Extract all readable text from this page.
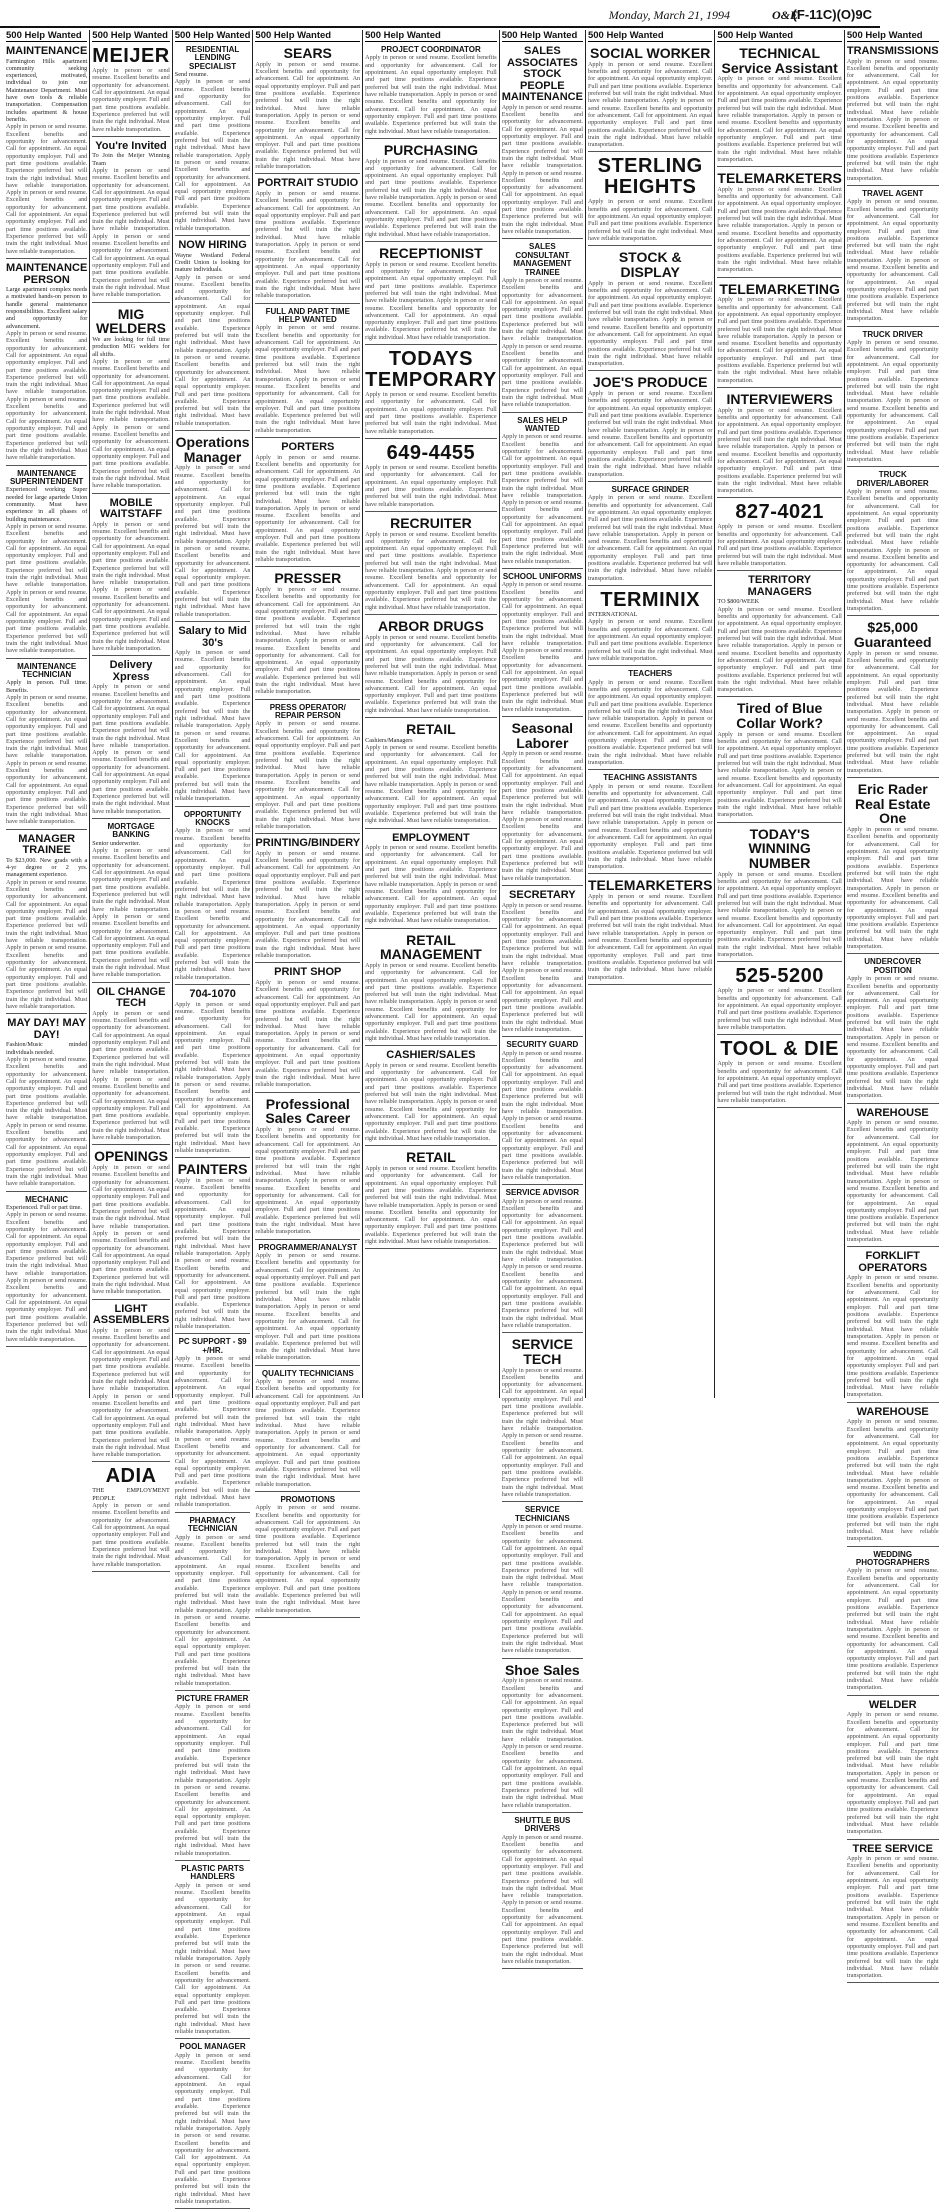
Monday, March 21, 1994	O&E
(F-11C)(O)9C
500 Help Wanted
MAINTENANCE
Farmington Hills apartment community seeking experienced, motivated, individual to join our Maintenance Department. Must have own tools & reliable transportation. Compensation includes apartment & house benefits.
Apply in person or send resume. Excellent benefits and opportunity for advancement. Call for appointment. An equal opportunity employer. Full and part time positions available. Experience preferred but will train the right individual. Must have reliable transportation. Apply in person or send resume. Excellent benefits and opportunity for advancement. Call for appointment. An equal opportunity employer. Full and part time positions available. Experience preferred but will train the right individual. Must have reliable transportation.
MAINTENANCE PERSON
Large apartment complex needs a motivated hands-on person to handle general maintenance responsibilities. Excellent salary and opportunity for advancement.
Apply in person or send resume. Excellent benefits and opportunity for advancement. Call for appointment. An equal opportunity employer. Full and part time positions available. Experience preferred but will train the right individual. Must have reliable transportation. Apply in person or send resume. Excellent benefits and opportunity for advancement. Call for appointment. An equal opportunity employer. Full and part time positions available. Experience preferred but will train the right individual. Must have reliable transportation.
MAINTENANCE SUPERINTENDENT
Experienced working Super needed for large apartede Union community. Must have experience in all phases of building maintenance.
Apply in person or send resume. Excellent benefits and opportunity for advancement. Call for appointment. An equal opportunity employer. Full and part time positions available. Experience preferred but will train the right individual. Must have reliable transportation. Apply in person or send resume. Excellent benefits and opportunity for advancement. Call for appointment. An equal opportunity employer. Full and part time positions available. Experience preferred but will train the right individual. Must have reliable transportation.
MAINTENANCE TECHNICIAN
Apply in person. Full time. Benefits.
Apply in person or send resume. Excellent benefits and opportunity for advancement. Call for appointment. An equal opportunity employer. Full and part time positions available. Experience preferred but will train the right individual. Must have reliable transportation. Apply in person or send resume. Excellent benefits and opportunity for advancement. Call for appointment. An equal opportunity employer. Full and part time positions available. Experience preferred but will train the right individual. Must have reliable transportation.
MANAGER TRAINEE
To $23,000. New grads with a 4-yr degree or 2 yrs. management experience.
Apply in person or send resume. Excellent benefits and opportunity for advancement. Call for appointment. An equal opportunity employer. Full and part time positions available. Experience preferred but will train the right individual. Must have reliable transportation. Apply in person or send resume. Excellent benefits and opportunity for advancement. Call for appointment. An equal opportunity employer. Full and part time positions available. Experience preferred but will train the right individual. Must have reliable transportation.
MAY DAY! MAY DAY!
Fashion/Music minded individuals needed.
Apply in person or send resume. Excellent benefits and opportunity for advancement. Call for appointment. An equal opportunity employer. Full and part time positions available. Experience preferred but will train the right individual. Must have reliable transportation. Apply in person or send resume. Excellent benefits and opportunity for advancement. Call for appointment. An equal opportunity employer. Full and part time positions available. Experience preferred but will train the right individual. Must have reliable transportation.
MECHANIC
Experienced. Full or part time.
Apply in person or send resume. Excellent benefits and opportunity for advancement. Call for appointment. An equal opportunity employer. Full and part time positions available. Experience preferred but will train the right individual. Must have reliable transportation. Apply in person or send resume. Excellent benefits and opportunity for advancement. Call for appointment. An equal opportunity employer. Full and part time positions available. Experience preferred but will train the right individual. Must have reliable transportation.
500 Help Wanted
MEIJER
Apply in person or send resume. Excellent benefits and opportunity for advancement. Call for appointment. An equal opportunity employer. Full and part time positions available. Experience preferred but will train the right individual. Must have reliable transportation.
You're Invited
To Join the Meijer Winning Team
Apply in person or send resume. Excellent benefits and opportunity for advancement. Call for appointment. An equal opportunity employer. Full and part time positions available. Experience preferred but will train the right individual. Must have reliable transportation. Apply in person or send resume. Excellent benefits and opportunity for advancement. Call for appointment. An equal opportunity employer. Full and part time positions available. Experience preferred but will train the right individual. Must have reliable transportation.
MIG WELDERS
We are looking for full time production MIG welders for all shifts.
Apply in person or send resume. Excellent benefits and opportunity for advancement. Call for appointment. An equal opportunity employer. Full and part time positions available. Experience preferred but will train the right individual. Must have reliable transportation. Apply in person or send resume. Excellent benefits and opportunity for advancement. Call for appointment. An equal opportunity employer. Full and part time positions available. Experience preferred but will train the right individual. Must have reliable transportation.
MOBILE WAITSTAFF
Apply in person or send resume. Excellent benefits and opportunity for advancement. Call for appointment. An equal opportunity employer. Full and part time positions available. Experience preferred but will train the right individual. Must have reliable transportation. Apply in person or send resume. Excellent benefits and opportunity for advancement. Call for appointment. An equal opportunity employer. Full and part time positions available. Experience preferred but will train the right individual. Must have reliable transportation.
Delivery Xpress
Apply in person or send resume. Excellent benefits and opportunity for advancement. Call for appointment. An equal opportunity employer. Full and part time positions available. Experience preferred but will train the right individual. Must have reliable transportation. Apply in person or send resume. Excellent benefits and opportunity for advancement. Call for appointment. An equal opportunity employer. Full and part time positions available. Experience preferred but will train the right individual. Must have reliable transportation.
MORTGAGE BANKING
Senior underwriter.
Apply in person or send resume. Excellent benefits and opportunity for advancement. Call for appointment. An equal opportunity employer. Full and part time positions available. Experience preferred but will train the right individual. Must have reliable transportation. Apply in person or send resume. Excellent benefits and opportunity for advancement. Call for appointment. An equal opportunity employer. Full and part time positions available. Experience preferred but will train the right individual. Must have reliable transportation.
OIL CHANGE TECH
Apply in person or send resume. Excellent benefits and opportunity for advancement. Call for appointment. An equal opportunity employer. Full and part time positions available. Experience preferred but will train the right individual. Must have reliable transportation. Apply in person or send resume. Excellent benefits and opportunity for advancement. Call for appointment. An equal opportunity employer. Full and part time positions available. Experience preferred but will train the right individual. Must have reliable transportation.
OPENINGS
Apply in person or send resume. Excellent benefits and opportunity for advancement. Call for appointment. An equal opportunity employer. Full and part time positions available. Experience preferred but will train the right individual. Must have reliable transportation. Apply in person or send resume. Excellent benefits and opportunity for advancement. Call for appointment. An equal opportunity employer. Full and part time positions available. Experience preferred but will train the right individual. Must have reliable transportation.
LIGHT ASSEMBLERS
Apply in person or send resume. Excellent benefits and opportunity for advancement. Call for appointment. An equal opportunity employer. Full and part time positions available. Experience preferred but will train the right individual. Must have reliable transportation. Apply in person or send resume. Excellent benefits and opportunity for advancement. Call for appointment. An equal opportunity employer. Full and part time positions available. Experience preferred but will train the right individual. Must have reliable transportation.
ADIA
THE EMPLOYMENT PEOPLE
Apply in person or send resume. Excellent benefits and opportunity for advancement. Call for appointment. An equal opportunity employer. Full and part time positions available. Experience preferred but will train the right individual. Must have reliable transportation.
500 Help Wanted
RESIDENTIAL LENDING SPECIALIST
Send resume.
Apply in person or send resume. Excellent benefits and opportunity for advancement. Call for appointment. An equal opportunity employer. Full and part time positions available. Experience preferred but will train the right individual. Must have reliable transportation. Apply in person or send resume. Excellent benefits and opportunity for advancement. Call for appointment. An equal opportunity employer. Full and part time positions available. Experience preferred but will train the right individual. Must have reliable transportation.
NOW HIRING
Wayne Westland Federal Credit Union is looking for mature individuals.
Apply in person or send resume. Excellent benefits and opportunity for advancement. Call for appointment. An equal opportunity employer. Full and part time positions available. Experience preferred but will train the right individual. Must have reliable transportation. Apply in person or send resume. Excellent benefits and opportunity for advancement. Call for appointment. An equal opportunity employer. Full and part time positions available. Experience preferred but will train the right individual. Must have reliable transportation.
Operations Manager
Apply in person or send resume. Excellent benefits and opportunity for advancement. Call for appointment. An equal opportunity employer. Full and part time positions available. Experience preferred but will train the right individual. Must have reliable transportation. Apply in person or send resume. Excellent benefits and opportunity for advancement. Call for appointment. An equal opportunity employer. Full and part time positions available. Experience preferred but will train the right individual. Must have reliable transportation.
Salary to Mid 30's
Apply in person or send resume. Excellent benefits and opportunity for advancement. Call for appointment. An equal opportunity employer. Full and part time positions available. Experience preferred but will train the right individual. Must have reliable transportation. Apply in person or send resume. Excellent benefits and opportunity for advancement. Call for appointment. An equal opportunity employer. Full and part time positions available. Experience preferred but will train the right individual. Must have reliable transportation.
OPPORTUNITY KNOCKS
Apply in person or send resume. Excellent benefits and opportunity for advancement. Call for appointment. An equal opportunity employer. Full and part time positions available. Experience preferred but will train the right individual. Must have reliable transportation. Apply in person or send resume. Excellent benefits and opportunity for advancement. Call for appointment. An equal opportunity employer. Full and part time positions available. Experience preferred but will train the right individual. Must have reliable transportation.
704-1070
Apply in person or send resume. Excellent benefits and opportunity for advancement. Call for appointment. An equal opportunity employer. Full and part time positions available. Experience preferred but will train the right individual. Must have reliable transportation. Apply in person or send resume. Excellent benefits and opportunity for advancement. Call for appointment. An equal opportunity employer. Full and part time positions available. Experience preferred but will train the right individual. Must have reliable transportation.
PAINTERS
Apply in person or send resume. Excellent benefits and opportunity for advancement. Call for appointment. An equal opportunity employer. Full and part time positions available. Experience preferred but will train the right individual. Must have reliable transportation. Apply in person or send resume. Excellent benefits and opportunity for advancement. Call for appointment. An equal opportunity employer. Full and part time positions available. Experience preferred but will train the right individual. Must have reliable transportation.
PC SUPPORT - $9 +/HR.
Apply in person or send resume. Excellent benefits and opportunity for advancement. Call for appointment. An equal opportunity employer. Full and part time positions available. Experience preferred but will train the right individual. Must have reliable transportation. Apply in person or send resume. Excellent benefits and opportunity for advancement. Call for appointment. An equal opportunity employer. Full and part time positions available. Experience preferred but will train the right individual. Must have reliable transportation.
PHARMACY TECHNICIAN
Apply in person or send resume. Excellent benefits and opportunity for advancement. Call for appointment. An equal opportunity employer. Full and part time positions available. Experience preferred but will train the right individual. Must have reliable transportation. Apply in person or send resume. Excellent benefits and opportunity for advancement. Call for appointment. An equal opportunity employer. Full and part time positions available. Experience preferred but will train the right individual. Must have reliable transportation.
PICTURE FRAMER
Apply in person or send resume. Excellent benefits and opportunity for advancement. Call for appointment. An equal opportunity employer. Full and part time positions available. Experience preferred but will train the right individual. Must have reliable transportation. Apply in person or send resume. Excellent benefits and opportunity for advancement. Call for appointment. An equal opportunity employer. Full and part time positions available. Experience preferred but will train the right individual. Must have reliable transportation.
PLASTIC PARTS HANDLERS
Apply in person or send resume. Excellent benefits and opportunity for advancement. Call for appointment. An equal opportunity employer. Full and part time positions available. Experience preferred but will train the right individual. Must have reliable transportation. Apply in person or send resume. Excellent benefits and opportunity for advancement. Call for appointment. An equal opportunity employer. Full and part time positions available. Experience preferred but will train the right individual. Must have reliable transportation.
POOL MANAGER
Apply in person or send resume. Excellent benefits and opportunity for advancement. Call for appointment. An equal opportunity employer. Full and part time positions available. Experience preferred but will train the right individual. Must have reliable transportation. Apply in person or send resume. Excellent benefits and opportunity for advancement. Call for appointment. An equal opportunity employer. Full and part time positions available. Experience preferred but will train the right individual. Must have reliable transportation.
500 Help Wanted
SEARS
Apply in person or send resume. Excellent benefits and opportunity for advancement. Call for appointment. An equal opportunity employer. Full and part time positions available. Experience preferred but will train the right individual. Must have reliable transportation. Apply in person or send resume. Excellent benefits and opportunity for advancement. Call for appointment. An equal opportunity employer. Full and part time positions available. Experience preferred but will train the right individual. Must have reliable transportation.
PORTRAIT STUDIO
Apply in person or send resume. Excellent benefits and opportunity for advancement. Call for appointment. An equal opportunity employer. Full and part time positions available. Experience preferred but will train the right individual. Must have reliable transportation. Apply in person or send resume. Excellent benefits and opportunity for advancement. Call for appointment. An equal opportunity employer. Full and part time positions available. Experience preferred but will train the right individual. Must have reliable transportation.
FULL AND PART TIME HELP WANTED
Apply in person or send resume. Excellent benefits and opportunity for advancement. Call for appointment. An equal opportunity employer. Full and part time positions available. Experience preferred but will train the right individual. Must have reliable transportation. Apply in person or send resume. Excellent benefits and opportunity for advancement. Call for appointment. An equal opportunity employer. Full and part time positions available. Experience preferred but will train the right individual. Must have reliable transportation.
PORTERS
Apply in person or send resume. Excellent benefits and opportunity for advancement. Call for appointment. An equal opportunity employer. Full and part time positions available. Experience preferred but will train the right individual. Must have reliable transportation. Apply in person or send resume. Excellent benefits and opportunity for advancement. Call for appointment. An equal opportunity employer. Full and part time positions available. Experience preferred but will train the right individual. Must have reliable transportation.
PRESSER
Apply in person or send resume. Excellent benefits and opportunity for advancement. Call for appointment. An equal opportunity employer. Full and part time positions available. Experience preferred but will train the right individual. Must have reliable transportation. Apply in person or send resume. Excellent benefits and opportunity for advancement. Call for appointment. An equal opportunity employer. Full and part time positions available. Experience preferred but will train the right individual. Must have reliable transportation.
PRESS OPERATOR/ REPAIR PERSON
Apply in person or send resume. Excellent benefits and opportunity for advancement. Call for appointment. An equal opportunity employer. Full and part time positions available. Experience preferred but will train the right individual. Must have reliable transportation. Apply in person or send resume. Excellent benefits and opportunity for advancement. Call for appointment. An equal opportunity employer. Full and part time positions available. Experience preferred but will train the right individual. Must have reliable transportation.
PRINTING/BINDERY
Apply in person or send resume. Excellent benefits and opportunity for advancement. Call for appointment. An equal opportunity employer. Full and part time positions available. Experience preferred but will train the right individual. Must have reliable transportation. Apply in person or send resume. Excellent benefits and opportunity for advancement. Call for appointment. An equal opportunity employer. Full and part time positions available. Experience preferred but will train the right individual. Must have reliable transportation.
PRINT SHOP
Apply in person or send resume. Excellent benefits and opportunity for advancement. Call for appointment. An equal opportunity employer. Full and part time positions available. Experience preferred but will train the right individual. Must have reliable transportation. Apply in person or send resume. Excellent benefits and opportunity for advancement. Call for appointment. An equal opportunity employer. Full and part time positions available. Experience preferred but will train the right individual. Must have reliable transportation.
Professional Sales Career
Apply in person or send resume. Excellent benefits and opportunity for advancement. Call for appointment. An equal opportunity employer. Full and part time positions available. Experience preferred but will train the right individual. Must have reliable transportation. Apply in person or send resume. Excellent benefits and opportunity for advancement. Call for appointment. An equal opportunity employer. Full and part time positions available. Experience preferred but will train the right individual. Must have reliable transportation.
PROGRAMMER/ANALYST
Apply in person or send resume. Excellent benefits and opportunity for advancement. Call for appointment. An equal opportunity employer. Full and part time positions available. Experience preferred but will train the right individual. Must have reliable transportation. Apply in person or send resume. Excellent benefits and opportunity for advancement. Call for appointment. An equal opportunity employer. Full and part time positions available. Experience preferred but will train the right individual. Must have reliable transportation.
QUALITY TECHNICIANS
Apply in person or send resume. Excellent benefits and opportunity for advancement. Call for appointment. An equal opportunity employer. Full and part time positions available. Experience preferred but will train the right individual. Must have reliable transportation. Apply in person or send resume. Excellent benefits and opportunity for advancement. Call for appointment. An equal opportunity employer. Full and part time positions available. Experience preferred but will train the right individual. Must have reliable transportation.
PROMOTIONS
Apply in person or send resume. Excellent benefits and opportunity for advancement. Call for appointment. An equal opportunity employer. Full and part time positions available. Experience preferred but will train the right individual. Must have reliable transportation. Apply in person or send resume. Excellent benefits and opportunity for advancement. Call for appointment. An equal opportunity employer. Full and part time positions available. Experience preferred but will train the right individual. Must have reliable transportation.
500 Help Wanted
PROJECT COORDINATOR
Apply in person or send resume. Excellent benefits and opportunity for advancement. Call for appointment. An equal opportunity employer. Full and part time positions available. Experience preferred but will train the right individual. Must have reliable transportation. Apply in person or send resume. Excellent benefits and opportunity for advancement. Call for appointment. An equal opportunity employer. Full and part time positions available. Experience preferred but will train the right individual. Must have reliable transportation.
PURCHASING
Apply in person or send resume. Excellent benefits and opportunity for advancement. Call for appointment. An equal opportunity employer. Full and part time positions available. Experience preferred but will train the right individual. Must have reliable transportation. Apply in person or send resume. Excellent benefits and opportunity for advancement. Call for appointment. An equal opportunity employer. Full and part time positions available. Experience preferred but will train the right individual. Must have reliable transportation.
RECEPTIONIST
Apply in person or send resume. Excellent benefits and opportunity for advancement. Call for appointment. An equal opportunity employer. Full and part time positions available. Experience preferred but will train the right individual. Must have reliable transportation. Apply in person or send resume. Excellent benefits and opportunity for advancement. Call for appointment. An equal opportunity employer. Full and part time positions available. Experience preferred but will train the right individual. Must have reliable transportation.
TODAYS TEMPORARY
Apply in person or send resume. Excellent benefits and opportunity for advancement. Call for appointment. An equal opportunity employer. Full and part time positions available. Experience preferred but will train the right individual. Must have reliable transportation.
649-4455
Apply in person or send resume. Excellent benefits and opportunity for advancement. Call for appointment. An equal opportunity employer. Full and part time positions available. Experience preferred but will train the right individual. Must have reliable transportation.
RECRUITER
Apply in person or send resume. Excellent benefits and opportunity for advancement. Call for appointment. An equal opportunity employer. Full and part time positions available. Experience preferred but will train the right individual. Must have reliable transportation. Apply in person or send resume. Excellent benefits and opportunity for advancement. Call for appointment. An equal opportunity employer. Full and part time positions available. Experience preferred but will train the right individual. Must have reliable transportation.
ARBOR DRUGS
Apply in person or send resume. Excellent benefits and opportunity for advancement. Call for appointment. An equal opportunity employer. Full and part time positions available. Experience preferred but will train the right individual. Must have reliable transportation. Apply in person or send resume. Excellent benefits and opportunity for advancement. Call for appointment. An equal opportunity employer. Full and part time positions available. Experience preferred but will train the right individual. Must have reliable transportation.
RETAIL
Cashiers/Managers
Apply in person or send resume. Excellent benefits and opportunity for advancement. Call for appointment. An equal opportunity employer. Full and part time positions available. Experience preferred but will train the right individual. Must have reliable transportation. Apply in person or send resume. Excellent benefits and opportunity for advancement. Call for appointment. An equal opportunity employer. Full and part time positions available. Experience preferred but will train the right individual. Must have reliable transportation.
EMPLOYMENT
Apply in person or send resume. Excellent benefits and opportunity for advancement. Call for appointment. An equal opportunity employer. Full and part time positions available. Experience preferred but will train the right individual. Must have reliable transportation. Apply in person or send resume. Excellent benefits and opportunity for advancement. Call for appointment. An equal opportunity employer. Full and part time positions available. Experience preferred but will train the right individual. Must have reliable transportation.
RETAIL MANAGEMENT
Apply in person or send resume. Excellent benefits and opportunity for advancement. Call for appointment. An equal opportunity employer. Full and part time positions available. Experience preferred but will train the right individual. Must have reliable transportation. Apply in person or send resume. Excellent benefits and opportunity for advancement. Call for appointment. An equal opportunity employer. Full and part time positions available. Experience preferred but will train the right individual. Must have reliable transportation.
CASHIER/SALES
Apply in person or send resume. Excellent benefits and opportunity for advancement. Call for appointment. An equal opportunity employer. Full and part time positions available. Experience preferred but will train the right individual. Must have reliable transportation. Apply in person or send resume. Excellent benefits and opportunity for advancement. Call for appointment. An equal opportunity employer. Full and part time positions available. Experience preferred but will train the right individual. Must have reliable transportation.
RETAIL
Apply in person or send resume. Excellent benefits and opportunity for advancement. Call for appointment. An equal opportunity employer. Full and part time positions available. Experience preferred but will train the right individual. Must have reliable transportation. Apply in person or send resume. Excellent benefits and opportunity for advancement. Call for appointment. An equal opportunity employer. Full and part time positions available. Experience preferred but will train the right individual. Must have reliable transportation.
500 Help Wanted
SALES ASSOCIATES STOCK PEOPLE MAINTENANCE
Apply in person or send resume. Excellent benefits and opportunity for advancement. Call for appointment. An equal opportunity employer. Full and part time positions available. Experience preferred but will train the right individual. Must have reliable transportation. Apply in person or send resume. Excellent benefits and opportunity for advancement. Call for appointment. An equal opportunity employer. Full and part time positions available. Experience preferred but will train the right individual. Must have reliable transportation.
SALES CONSULTANT MANAGEMENT TRAINEE
Apply in person or send resume. Excellent benefits and opportunity for advancement. Call for appointment. An equal opportunity employer. Full and part time positions available. Experience preferred but will train the right individual. Must have reliable transportation. Apply in person or send resume. Excellent benefits and opportunity for advancement. Call for appointment. An equal opportunity employer. Full and part time positions available. Experience preferred but will train the right individual. Must have reliable transportation.
SALES HELP WANTED
Apply in person or send resume. Excellent benefits and opportunity for advancement. Call for appointment. An equal opportunity employer. Full and part time positions available. Experience preferred but will train the right individual. Must have reliable transportation. Apply in person or send resume. Excellent benefits and opportunity for advancement. Call for appointment. An equal opportunity employer. Full and part time positions available. Experience preferred but will train the right individual. Must have reliable transportation.
SCHOOL UNIFORMS
Apply in person or send resume. Excellent benefits and opportunity for advancement. Call for appointment. An equal opportunity employer. Full and part time positions available. Experience preferred but will train the right individual. Must have reliable transportation. Apply in person or send resume. Excellent benefits and opportunity for advancement. Call for appointment. An equal opportunity employer. Full and part time positions available. Experience preferred but will train the right individual. Must have reliable transportation.
Seasonal Laborer
Apply in person or send resume. Excellent benefits and opportunity for advancement. Call for appointment. An equal opportunity employer. Full and part time positions available. Experience preferred but will train the right individual. Must have reliable transportation. Apply in person or send resume. Excellent benefits and opportunity for advancement. Call for appointment. An equal opportunity employer. Full and part time positions available. Experience preferred but will train the right individual. Must have reliable transportation.
SECRETARY
Apply in person or send resume. Excellent benefits and opportunity for advancement. Call for appointment. An equal opportunity employer. Full and part time positions available. Experience preferred but will train the right individual. Must have reliable transportation. Apply in person or send resume. Excellent benefits and opportunity for advancement. Call for appointment. An equal opportunity employer. Full and part time positions available. Experience preferred but will train the right individual. Must have reliable transportation.
SECURITY GUARD
Apply in person or send resume. Excellent benefits and opportunity for advancement. Call for appointment. An equal opportunity employer. Full and part time positions available. Experience preferred but will train the right individual. Must have reliable transportation. Apply in person or send resume. Excellent benefits and opportunity for advancement. Call for appointment. An equal opportunity employer. Full and part time positions available. Experience preferred but will train the right individual. Must have reliable transportation.
SERVICE ADVISOR
Apply in person or send resume. Excellent benefits and opportunity for advancement. Call for appointment. An equal opportunity employer. Full and part time positions available. Experience preferred but will train the right individual. Must have reliable transportation. Apply in person or send resume. Excellent benefits and opportunity for advancement. Call for appointment. An equal opportunity employer. Full and part time positions available. Experience preferred but will train the right individual. Must have reliable transportation.
SERVICE TECH
Apply in person or send resume. Excellent benefits and opportunity for advancement. Call for appointment. An equal opportunity employer. Full and part time positions available. Experience preferred but will train the right individual. Must have reliable transportation. Apply in person or send resume. Excellent benefits and opportunity for advancement. Call for appointment. An equal opportunity employer. Full and part time positions available. Experience preferred but will train the right individual. Must have reliable transportation.
SERVICE TECHNICIANS
Apply in person or send resume. Excellent benefits and opportunity for advancement. Call for appointment. An equal opportunity employer. Full and part time positions available. Experience preferred but will train the right individual. Must have reliable transportation. Apply in person or send resume. Excellent benefits and opportunity for advancement. Call for appointment. An equal opportunity employer. Full and part time positions available. Experience preferred but will train the right individual. Must have reliable transportation.
Shoe Sales
Apply in person or send resume. Excellent benefits and opportunity for advancement. Call for appointment. An equal opportunity employer. Full and part time positions available. Experience preferred but will train the right individual. Must have reliable transportation. Apply in person or send resume. Excellent benefits and opportunity for advancement. Call for appointment. An equal opportunity employer. Full and part time positions available. Experience preferred but will train the right individual. Must have reliable transportation.
SHUTTLE BUS DRIVERS
Apply in person or send resume. Excellent benefits and opportunity for advancement. Call for appointment. An equal opportunity employer. Full and part time positions available. Experience preferred but will train the right individual. Must have reliable transportation. Apply in person or send resume. Excellent benefits and opportunity for advancement. Call for appointment. An equal opportunity employer. Full and part time positions available. Experience preferred but will train the right individual. Must have reliable transportation.
500 Help Wanted
SOCIAL WORKER
Apply in person or send resume. Excellent benefits and opportunity for advancement. Call for appointment. An equal opportunity employer. Full and part time positions available. Experience preferred but will train the right individual. Must have reliable transportation. Apply in person or send resume. Excellent benefits and opportunity for advancement. Call for appointment. An equal opportunity employer. Full and part time positions available. Experience preferred but will train the right individual. Must have reliable transportation.
STERLING HEIGHTS
Apply in person or send resume. Excellent benefits and opportunity for advancement. Call for appointment. An equal opportunity employer. Full and part time positions available. Experience preferred but will train the right individual. Must have reliable transportation.
STOCK & DISPLAY
Apply in person or send resume. Excellent benefits and opportunity for advancement. Call for appointment. An equal opportunity employer. Full and part time positions available. Experience preferred but will train the right individual. Must have reliable transportation. Apply in person or send resume. Excellent benefits and opportunity for advancement. Call for appointment. An equal opportunity employer. Full and part time positions available. Experience preferred but will train the right individual. Must have reliable transportation.
JOE'S PRODUCE
Apply in person or send resume. Excellent benefits and opportunity for advancement. Call for appointment. An equal opportunity employer. Full and part time positions available. Experience preferred but will train the right individual. Must have reliable transportation. Apply in person or send resume. Excellent benefits and opportunity for advancement. Call for appointment. An equal opportunity employer. Full and part time positions available. Experience preferred but will train the right individual. Must have reliable transportation.
SURFACE GRINDER
Apply in person or send resume. Excellent benefits and opportunity for advancement. Call for appointment. An equal opportunity employer. Full and part time positions available. Experience preferred but will train the right individual. Must have reliable transportation. Apply in person or send resume. Excellent benefits and opportunity for advancement. Call for appointment. An equal opportunity employer. Full and part time positions available. Experience preferred but will train the right individual. Must have reliable transportation.
TERMINIX
INTERNATIONAL
Apply in person or send resume. Excellent benefits and opportunity for advancement. Call for appointment. An equal opportunity employer. Full and part time positions available. Experience preferred but will train the right individual. Must have reliable transportation.
TEACHERS
Apply in person or send resume. Excellent benefits and opportunity for advancement. Call for appointment. An equal opportunity employer. Full and part time positions available. Experience preferred but will train the right individual. Must have reliable transportation. Apply in person or send resume. Excellent benefits and opportunity for advancement. Call for appointment. An equal opportunity employer. Full and part time positions available. Experience preferred but will train the right individual. Must have reliable transportation.
TEACHING ASSISTANTS
Apply in person or send resume. Excellent benefits and opportunity for advancement. Call for appointment. An equal opportunity employer. Full and part time positions available. Experience preferred but will train the right individual. Must have reliable transportation. Apply in person or send resume. Excellent benefits and opportunity for advancement. Call for appointment. An equal opportunity employer. Full and part time positions available. Experience preferred but will train the right individual. Must have reliable transportation.
TELEMARKETERS
Apply in person or send resume. Excellent benefits and opportunity for advancement. Call for appointment. An equal opportunity employer. Full and part time positions available. Experience preferred but will train the right individual. Must have reliable transportation. Apply in person or send resume. Excellent benefits and opportunity for advancement. Call for appointment. An equal opportunity employer. Full and part time positions available. Experience preferred but will train the right individual. Must have reliable transportation.
500 Help Wanted
TECHNICAL Service Assistant
Apply in person or send resume. Excellent benefits and opportunity for advancement. Call for appointment. An equal opportunity employer. Full and part time positions available. Experience preferred but will train the right individual. Must have reliable transportation. Apply in person or send resume. Excellent benefits and opportunity for advancement. Call for appointment. An equal opportunity employer. Full and part time positions available. Experience preferred but will train the right individual. Must have reliable transportation.
TELEMARKETERS
Apply in person or send resume. Excellent benefits and opportunity for advancement. Call for appointment. An equal opportunity employer. Full and part time positions available. Experience preferred but will train the right individual. Must have reliable transportation. Apply in person or send resume. Excellent benefits and opportunity for advancement. Call for appointment. An equal opportunity employer. Full and part time positions available. Experience preferred but will train the right individual. Must have reliable transportation.
TELEMARKETING
Apply in person or send resume. Excellent benefits and opportunity for advancement. Call for appointment. An equal opportunity employer. Full and part time positions available. Experience preferred but will train the right individual. Must have reliable transportation. Apply in person or send resume. Excellent benefits and opportunity for advancement. Call for appointment. An equal opportunity employer. Full and part time positions available. Experience preferred but will train the right individual. Must have reliable transportation.
INTERVIEWERS
Apply in person or send resume. Excellent benefits and opportunity for advancement. Call for appointment. An equal opportunity employer. Full and part time positions available. Experience preferred but will train the right individual. Must have reliable transportation. Apply in person or send resume. Excellent benefits and opportunity for advancement. Call for appointment. An equal opportunity employer. Full and part time positions available. Experience preferred but will train the right individual. Must have reliable transportation.
827-4021
Apply in person or send resume. Excellent benefits and opportunity for advancement. Call for appointment. An equal opportunity employer. Full and part time positions available. Experience preferred but will train the right individual. Must have reliable transportation.
TERRITORY MANAGERS
TO $800/WEEK
Apply in person or send resume. Excellent benefits and opportunity for advancement. Call for appointment. An equal opportunity employer. Full and part time positions available. Experience preferred but will train the right individual. Must have reliable transportation. Apply in person or send resume. Excellent benefits and opportunity for advancement. Call for appointment. An equal opportunity employer. Full and part time positions available. Experience preferred but will train the right individual. Must have reliable transportation.
Tired of Blue Collar Work?
Apply in person or send resume. Excellent benefits and opportunity for advancement. Call for appointment. An equal opportunity employer. Full and part time positions available. Experience preferred but will train the right individual. Must have reliable transportation. Apply in person or send resume. Excellent benefits and opportunity for advancement. Call for appointment. An equal opportunity employer. Full and part time positions available. Experience preferred but will train the right individual. Must have reliable transportation.
TODAY'S WINNING NUMBER
Apply in person or send resume. Excellent benefits and opportunity for advancement. Call for appointment. An equal opportunity employer. Full and part time positions available. Experience preferred but will train the right individual. Must have reliable transportation. Apply in person or send resume. Excellent benefits and opportunity for advancement. Call for appointment. An equal opportunity employer. Full and part time positions available. Experience preferred but will train the right individual. Must have reliable transportation.
525-5200
Apply in person or send resume. Excellent benefits and opportunity for advancement. Call for appointment. An equal opportunity employer. Full and part time positions available. Experience preferred but will train the right individual. Must have reliable transportation.
TOOL & DIE
Apply in person or send resume. Excellent benefits and opportunity for advancement. Call for appointment. An equal opportunity employer. Full and part time positions available. Experience preferred but will train the right individual. Must have reliable transportation.
500 Help Wanted
TRANSMISSIONS
Apply in person or send resume. Excellent benefits and opportunity for advancement. Call for appointment. An equal opportunity employer. Full and part time positions available. Experience preferred but will train the right individual. Must have reliable transportation. Apply in person or send resume. Excellent benefits and opportunity for advancement. Call for appointment. An equal opportunity employer. Full and part time positions available. Experience preferred but will train the right individual. Must have reliable transportation.
TRAVEL AGENT
Apply in person or send resume. Excellent benefits and opportunity for advancement. Call for appointment. An equal opportunity employer. Full and part time positions available. Experience preferred but will train the right individual. Must have reliable transportation. Apply in person or send resume. Excellent benefits and opportunity for advancement. Call for appointment. An equal opportunity employer. Full and part time positions available. Experience preferred but will train the right individual. Must have reliable transportation.
TRUCK DRIVER
Apply in person or send resume. Excellent benefits and opportunity for advancement. Call for appointment. An equal opportunity employer. Full and part time positions available. Experience preferred but will train the right individual. Must have reliable transportation. Apply in person or send resume. Excellent benefits and opportunity for advancement. Call for appointment. An equal opportunity employer. Full and part time positions available. Experience preferred but will train the right individual. Must have reliable transportation.
TRUCK DRIVER/LABORER
Apply in person or send resume. Excellent benefits and opportunity for advancement. Call for appointment. An equal opportunity employer. Full and part time positions available. Experience preferred but will train the right individual. Must have reliable transportation. Apply in person or send resume. Excellent benefits and opportunity for advancement. Call for appointment. An equal opportunity employer. Full and part time positions available. Experience preferred but will train the right individual. Must have reliable transportation.
$25,000 Guaranteed
Apply in person or send resume. Excellent benefits and opportunity for advancement. Call for appointment. An equal opportunity employer. Full and part time positions available. Experience preferred but will train the right individual. Must have reliable transportation. Apply in person or send resume. Excellent benefits and opportunity for advancement. Call for appointment. An equal opportunity employer. Full and part time positions available. Experience preferred but will train the right individual. Must have reliable transportation.
Eric Rader Real Estate One
Apply in person or send resume. Excellent benefits and opportunity for advancement. Call for appointment. An equal opportunity employer. Full and part time positions available. Experience preferred but will train the right individual. Must have reliable transportation. Apply in person or send resume. Excellent benefits and opportunity for advancement. Call for appointment. An equal opportunity employer. Full and part time positions available. Experience preferred but will train the right individual. Must have reliable transportation.
UNDERCOVER POSITION
Apply in person or send resume. Excellent benefits and opportunity for advancement. Call for appointment. An equal opportunity employer. Full and part time positions available. Experience preferred but will train the right individual. Must have reliable transportation. Apply in person or send resume. Excellent benefits and opportunity for advancement. Call for appointment. An equal opportunity employer. Full and part time positions available. Experience preferred but will train the right individual. Must have reliable transportation.
WAREHOUSE
Apply in person or send resume. Excellent benefits and opportunity for advancement. Call for appointment. An equal opportunity employer. Full and part time positions available. Experience preferred but will train the right individual. Must have reliable transportation. Apply in person or send resume. Excellent benefits and opportunity for advancement. Call for appointment. An equal opportunity employer. Full and part time positions available. Experience preferred but will train the right individual. Must have reliable transportation.
FORKLIFT OPERATORS
Apply in person or send resume. Excellent benefits and opportunity for advancement. Call for appointment. An equal opportunity employer. Full and part time positions available. Experience preferred but will train the right individual. Must have reliable transportation. Apply in person or send resume. Excellent benefits and opportunity for advancement. Call for appointment. An equal opportunity employer. Full and part time positions available. Experience preferred but will train the right individual. Must have reliable transportation.
WAREHOUSE
Apply in person or send resume. Excellent benefits and opportunity for advancement. Call for appointment. An equal opportunity employer. Full and part time positions available. Experience preferred but will train the right individual. Must have reliable transportation. Apply in person or send resume. Excellent benefits and opportunity for advancement. Call for appointment. An equal opportunity employer. Full and part time positions available. Experience preferred but will train the right individual. Must have reliable transportation.
WEDDING PHOTOGRAPHERS
Apply in person or send resume. Excellent benefits and opportunity for advancement. Call for appointment. An equal opportunity employer. Full and part time positions available. Experience preferred but will train the right individual. Must have reliable transportation. Apply in person or send resume. Excellent benefits and opportunity for advancement. Call for appointment. An equal opportunity employer. Full and part time positions available. Experience preferred but will train the right individual. Must have reliable transportation.
WELDER
Apply in person or send resume. Excellent benefits and opportunity for advancement. Call for appointment. An equal opportunity employer. Full and part time positions available. Experience preferred but will train the right individual. Must have reliable transportation. Apply in person or send resume. Excellent benefits and opportunity for advancement. Call for appointment. An equal opportunity employer. Full and part time positions available. Experience preferred but will train the right individual. Must have reliable transportation.
TREE SERVICE
Apply in person or send resume. Excellent benefits and opportunity for advancement. Call for appointment. An equal opportunity employer. Full and part time positions available. Experience preferred but will train the right individual. Must have reliable transportation. Apply in person or send resume. Excellent benefits and opportunity for advancement. Call for appointment. An equal opportunity employer. Full and part time positions available. Experience preferred but will train the right individual. Must have reliable transportation.
